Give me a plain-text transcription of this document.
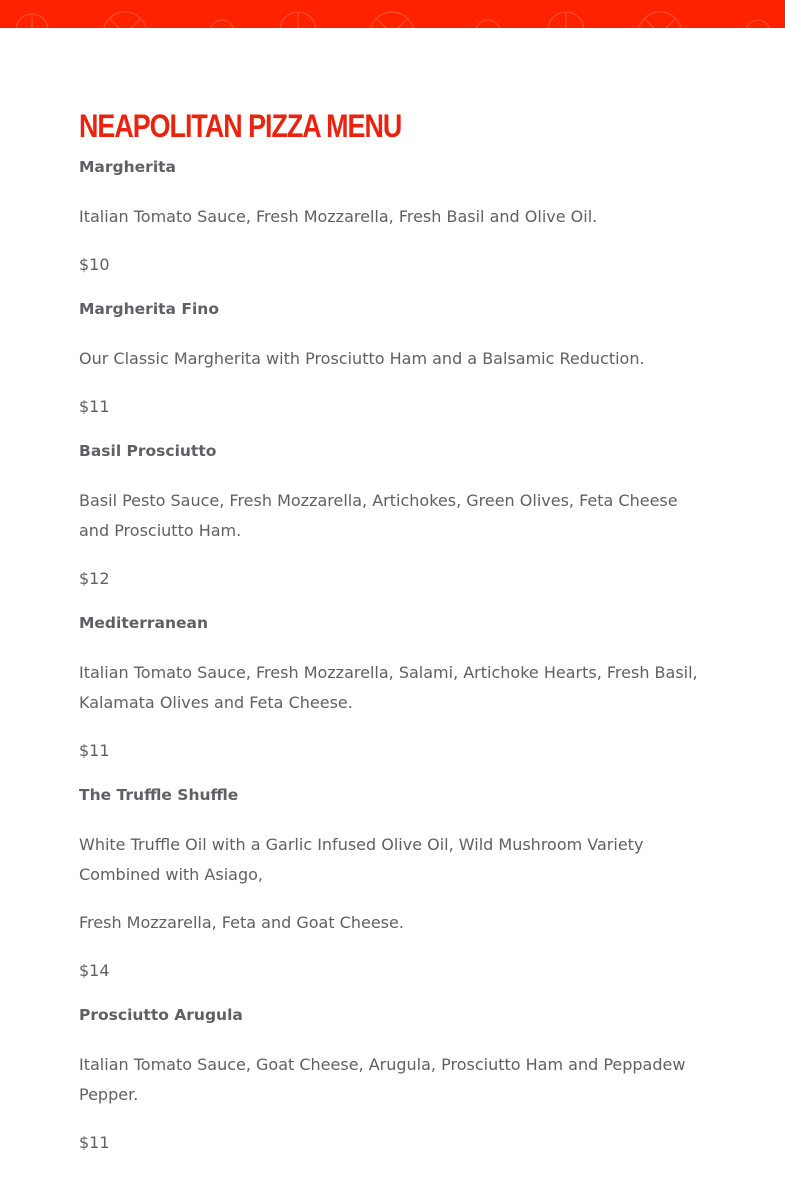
NEAPOLITAN PIZZA MENU

Margherita

Italian Tomato Sauce, Fresh Mozzarella, Fresh Basil and Olive Oil.

$10

Margherita Fino

Our Classic Margherita with Prosciutto Ham and a Balsamic Reduction.

$11

Basil Prosciutto

Basil Pesto Sauce, Fresh Mozzarella, Artichokes, Green Olives, Feta Cheese and Prosciutto Ham.

$12

Mediterranean

Italian Tomato Sauce, Fresh Mozzarella, Salami, Artichoke Hearts, Fresh Basil, Kalamata Olives and Feta Cheese.

$11

The Truffle Shuffle

White Truffle Oil with a Garlic Infused Olive Oil, Wild Mushroom Variety Combined with Asiago,

Fresh Mozzarella, Feta and Goat Cheese.

$14

Prosciutto Arugula

Italian Tomato Sauce, Goat Cheese, Arugula, Prosciutto Ham and Peppadew Pepper.

$11
